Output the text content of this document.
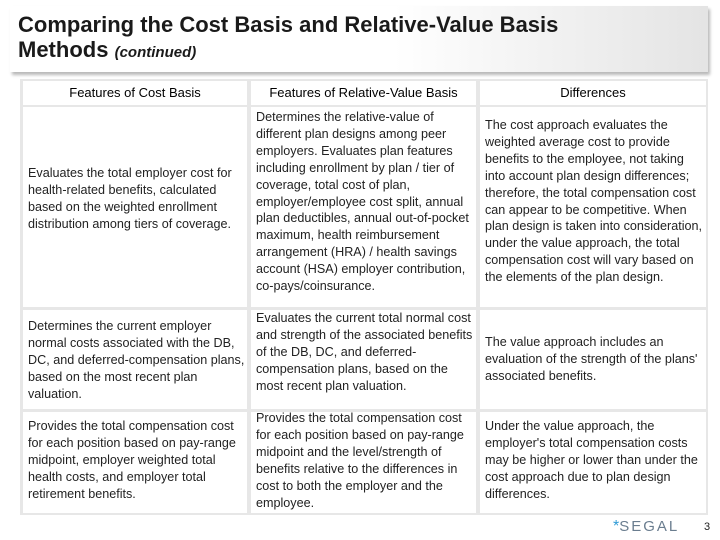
Comparing the Cost Basis and Relative-Value Basis
Methods (continued)
Features of Cost Basis	Features of Relative-Value Basis	Differences
Evaluates the total employer cost for health-related benefits, calculated based on the weighted enrollment distribution among tiers of coverage.
Determines the relative-value of different plan designs among peer employers. Evaluates plan features including enrollment by plan / tier of coverage, total cost of plan, employer/employee cost split, annual plan deductibles, annual out-of-pocket maximum, health reimbursement arrangement (HRA) / health savings account (HSA) employer contribution, co-pays/coinsurance.
The cost approach evaluates the weighted average cost to provide benefits to the employee, not taking into account plan design differences; therefore, the total compensation cost can appear to be competitive. When plan design is taken into consideration, under the value approach, the total compensation cost will vary based on the elements of the plan design.
Determines the current employer normal costs associated with the DB, DC, and deferred-compensation plans, based on the most recent plan valuation.
Evaluates the current total normal cost and strength of the associated benefits of the DB, DC, and deferred-compensation plans, based on the most recent plan valuation.
The value approach includes an evaluation of the strength of the plans' associated benefits.
Provides the total compensation cost for each position based on pay-range midpoint, employer weighted total health costs, and employer total retirement benefits.
Provides the total compensation cost for each position based on pay-range midpoint and the level/strength of benefits relative to the differences in cost to both the employer and the employee.
Under the value approach, the employer's total compensation costs may be higher or lower than under the cost approach due to plan design differences.
*SEGAL 3
